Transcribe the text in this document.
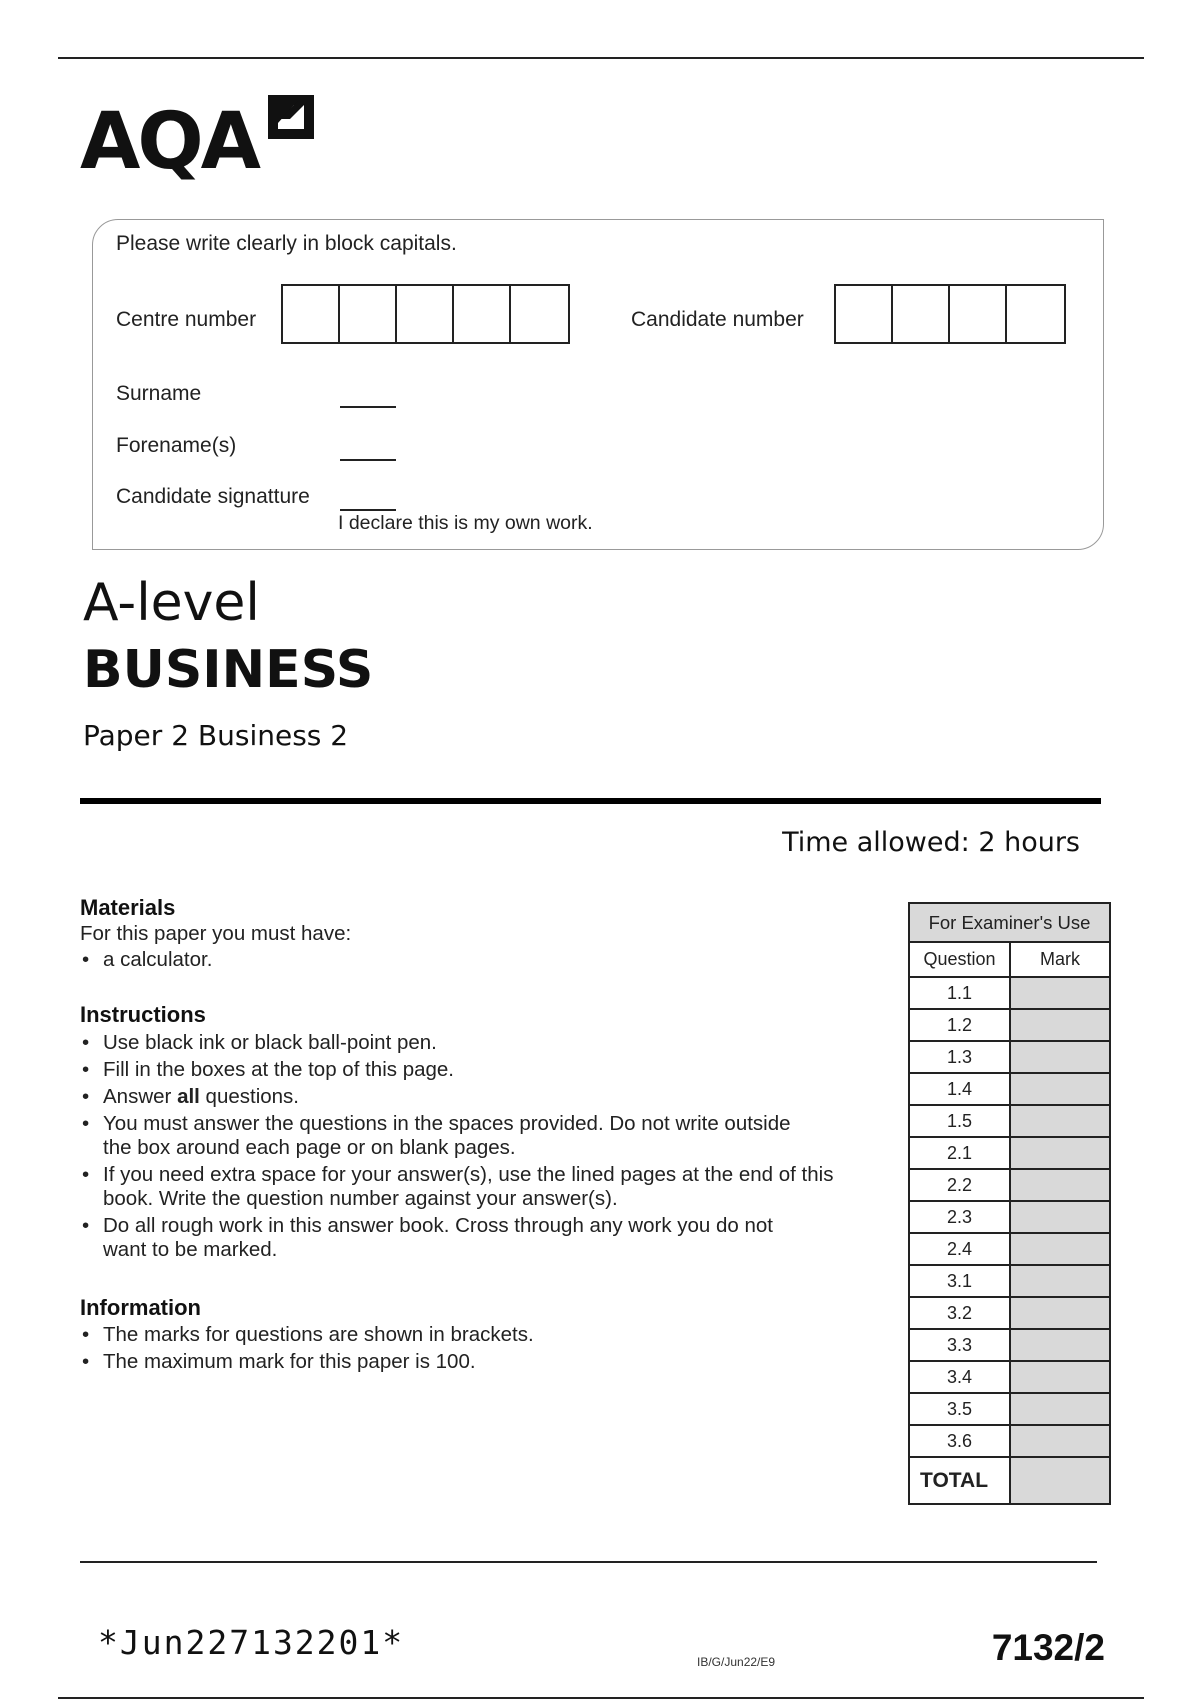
AQA
Please write clearly in block capitals.
Centre number	Candidate number
Surname
Forename(s)
Candidate signatture
I declare this is my own work.
A-level
BUSINESS
Paper 2 Business 2
Time allowed: 2 hours
Materials
For this paper you must have:
• a calculator.
Instructions
• Use black ink or black ball-point pen.
• Fill in the boxes at the top of this page.
• Answer all questions.
• You must answer the questions in the spaces provided. Do not write outside the box around each page or on blank pages.
• If you need extra space for your answer(s), use the lined pages at the end of this book. Write the question number against your answer(s).
• Do all rough work in this answer book. Cross through any work you do not want to be marked.
Information
• The marks for questions are shown in brackets.
• The maximum mark for this paper is 100.
For Examiner's Use	
Question	Mark
1.1	
1.2	
1.3	
1.4	
1.5	
2.1	
2.2	
2.3	
2.4	
3.1	
3.2	
3.3	
3.4	
3.5	
3.6	
TOTAL	
*Jun227132201*	IB/G/Jun22/E9	7132/2
